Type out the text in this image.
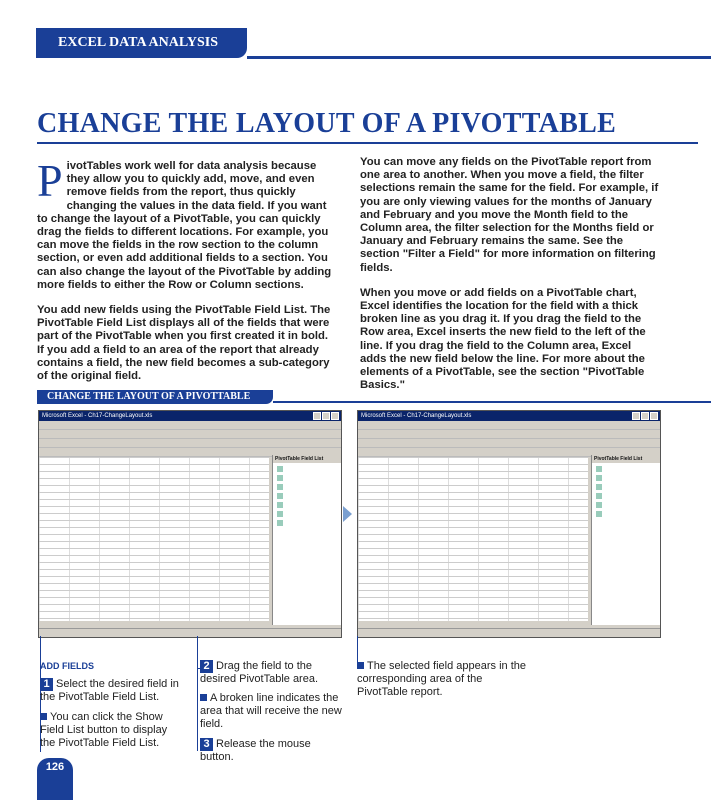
EXCEL DATA ANALYSIS
CHANGE THE LAYOUT OF A PIVOTTABLE

PivotTables work well for data analysis because they allow you to quickly add, move, and even remove fields from the report, thus quickly changing the values in the data field. If you want to change the layout of a PivotTable, you can quickly drag the fields to different locations. For example, you can move the fields in the row section to the column section, or even add additional fields to a section. You can also change the layout of the PivotTable by adding more fields to either the Row or Column sections.

You add new fields using the PivotTable Field List. The PivotTable Field List displays all of the fields that were part of the PivotTable when you first created it in bold. If you add a field to an area of the report that already contains a field, the new field becomes a sub-category of the original field.

You can move any fields on the PivotTable report from one area to another. When you move a field, the filter selections remain the same for the field. For example, if you are only viewing values for the months of January and February and you move the Month field to the Column area, the filter selection for the Months field or January and February remains the same. See the section "Filter a Field" for more information on filtering fields.

When you move or add fields on a PivotTable chart, Excel identifies the location for the field with a thick broken line as you drag it. If you drag the field to the Row area, Excel inserts the new field to the left of the line. If you drag the field to the Column area, Excel adds the new field below the line. For more about the elements of a PivotTable, see the section "PivotTable Basics."

CHANGE THE LAYOUT OF A PIVOTTABLE
Microsoft Excel - Ch17-ChangeLayout.xls
PivotTable Field List
Microsoft Excel - Ch17-ChangeLayout.xls
PivotTable Field List
ADD FIELDS
1 Select the desired field in the PivotTable Field List.
You can click the Show Field List button to display the PivotTable Field List.
2 Drag the field to the desired PivotTable area.
A broken line indicates the area that will receive the new field.
3 Release the mouse button.
The selected field appears in the corresponding area of the PivotTable report.
126
